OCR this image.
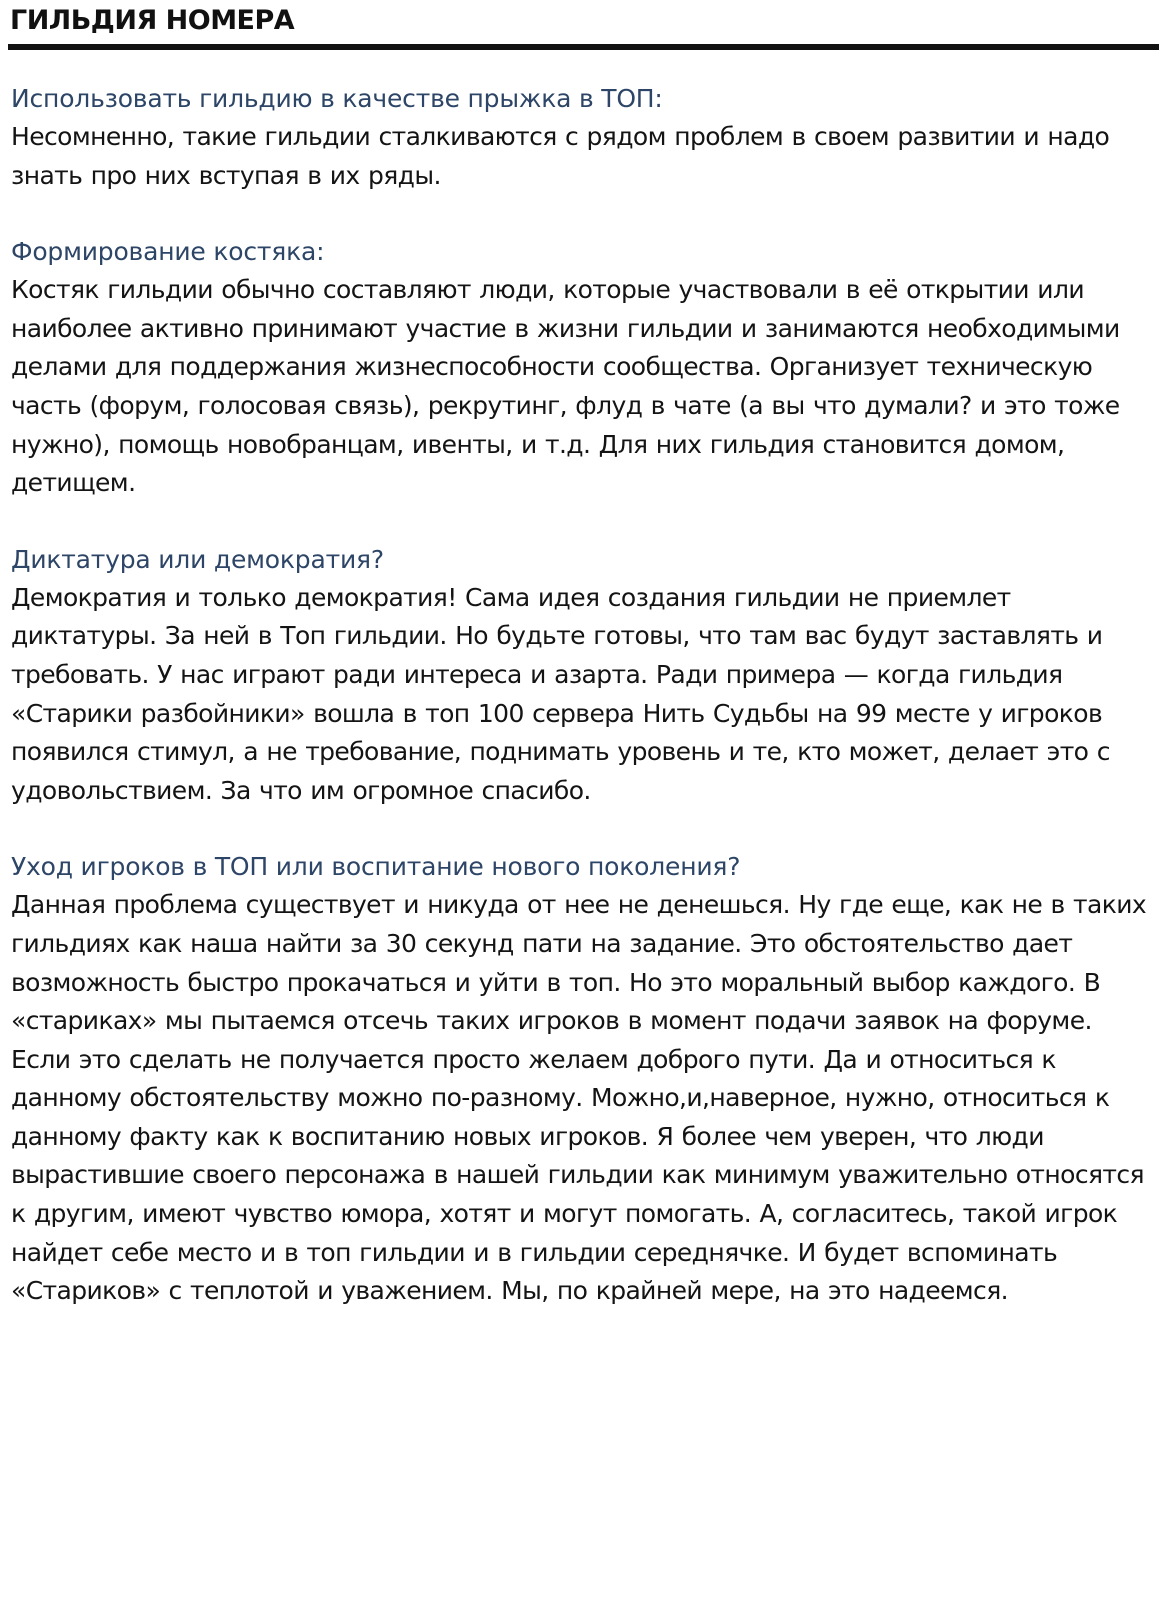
ГИЛЬДИЯ НОМЕРА

Использовать гильдию в качестве прыжка в ТОП:

Несомненно, такие гильдии сталкиваются с рядом проблем в своем развитии и надо знать про них вступая в их ряды.

Формирование костяка:

Костяк гильдии обычно составляют люди, которые участвовали в её открытии или наиболее активно принимают участие в жизни гильдии и занимаются необходимыми делами для поддержания жизнеспособности сообщества. Организует техническую часть (форум, голосовая связь), рекрутинг, флуд в чате (а вы что думали? и это тоже нужно), помощь новобранцам, ивенты, и т.д. Для них гильдия становится домом, детищем.

Диктатура или демократия?

Демократия и только демократия! Сама идея создания гильдии не приемлет диктатуры. За ней в Топ гильдии. Но будьте готовы, что там вас будут заставлять и требовать. У нас играют ради интереса и азарта. Ради примера — когда гильдия «Старики разбойники» вошла в топ 100 сервера Нить Судьбы на 99 месте у игроков появился стимул, а не требование, поднимать уровень и те, кто может, делает это с удовольствием. За что им огромное спасибо.

Уход игроков в ТОП или воспитание нового поколения?

Данная проблема существует и никуда от нее не денешься. Ну где еще, как не в таких гильдиях как наша найти за 30 секунд пати на задание. Это обстоятельство дает возможность быстро прокачаться и уйти в топ. Но это моральный выбор каждого. В «стариках» мы пытаемся отсечь таких игроков в момент подачи заявок на форуме. Если это сделать не получается просто желаем доброго пути. Да и относиться к данному обстоятельству можно по-разному. Можно,и,наверное, нужно, относиться к данному факту как к воспитанию новых игроков. Я более чем уверен, что люди вырастившие своего персонажа в нашей гильдии как минимум уважительно относятся к другим, имеют чувство юмора, хотят и могут помогать. А, согласитесь, такой игрок найдет себе место и в топ гильдии и в гильдии середнячке. И будет вспоминать «Стариков» с теплотой и уважением. Мы, по крайней мере, на это надеемся.
